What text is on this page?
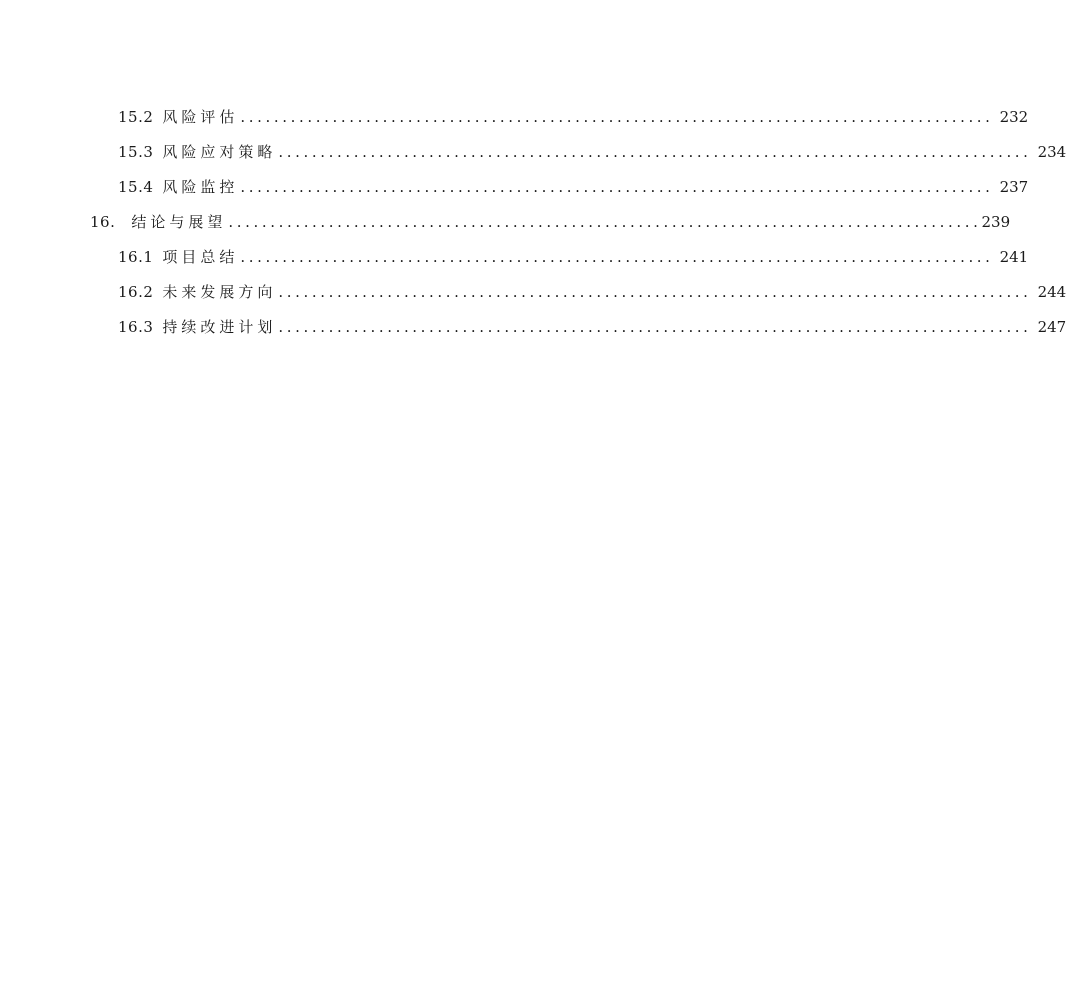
15.2 风险评估 .......................................................................................... 232
15.3 风险应对策略 .......................................................................................... 234
15.4 风险监控 .......................................................................................... 237
16. 结论与展望 .......................................................................................... 239
16.1 项目总结 .......................................................................................... 241
16.2 未来发展方向 .......................................................................................... 244
16.3 持续改进计划 .......................................................................................... 247
